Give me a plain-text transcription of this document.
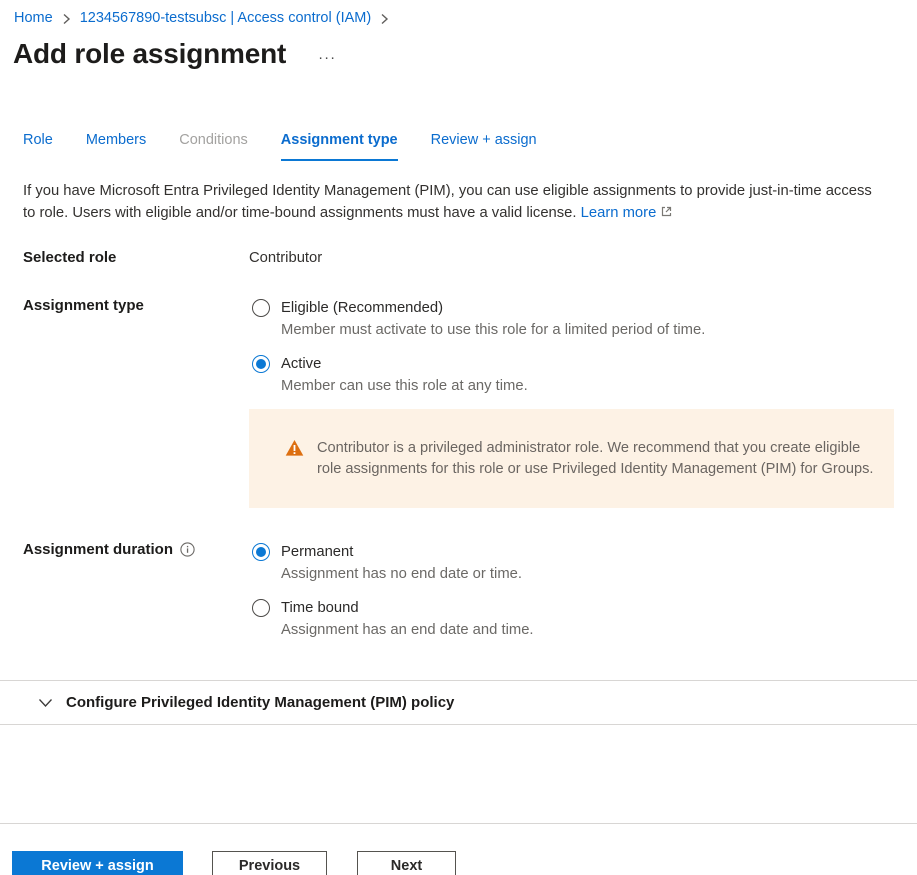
Home 1234567890-testsubsc | Access control (IAM)
Add role assignment ···
Role Members Conditions Assignment type Review + assign

If you have Microsoft Entra Privileged Identity Management (PIM), you can use eligible assignments to provide just-in-time access to role. Users with eligible and/or time-bound assignments must have a valid license. Learn more

Selected role	Contributor
Assignment type	Eligible (Recommended)
Member must activate to use this role for a limited period of time.
Active
Member can use this role at any time.
Contributor is a privileged administrator role. We recommend that you create eligible role assignments for this role or use Privileged Identity Management (PIM) for Groups.
Assignment duration	Permanent
Assignment has no end date or time.
Time bound
Assignment has an end date and time.
Configure Privileged Identity Management (PIM) policy
Review + assign	Previous	Next
